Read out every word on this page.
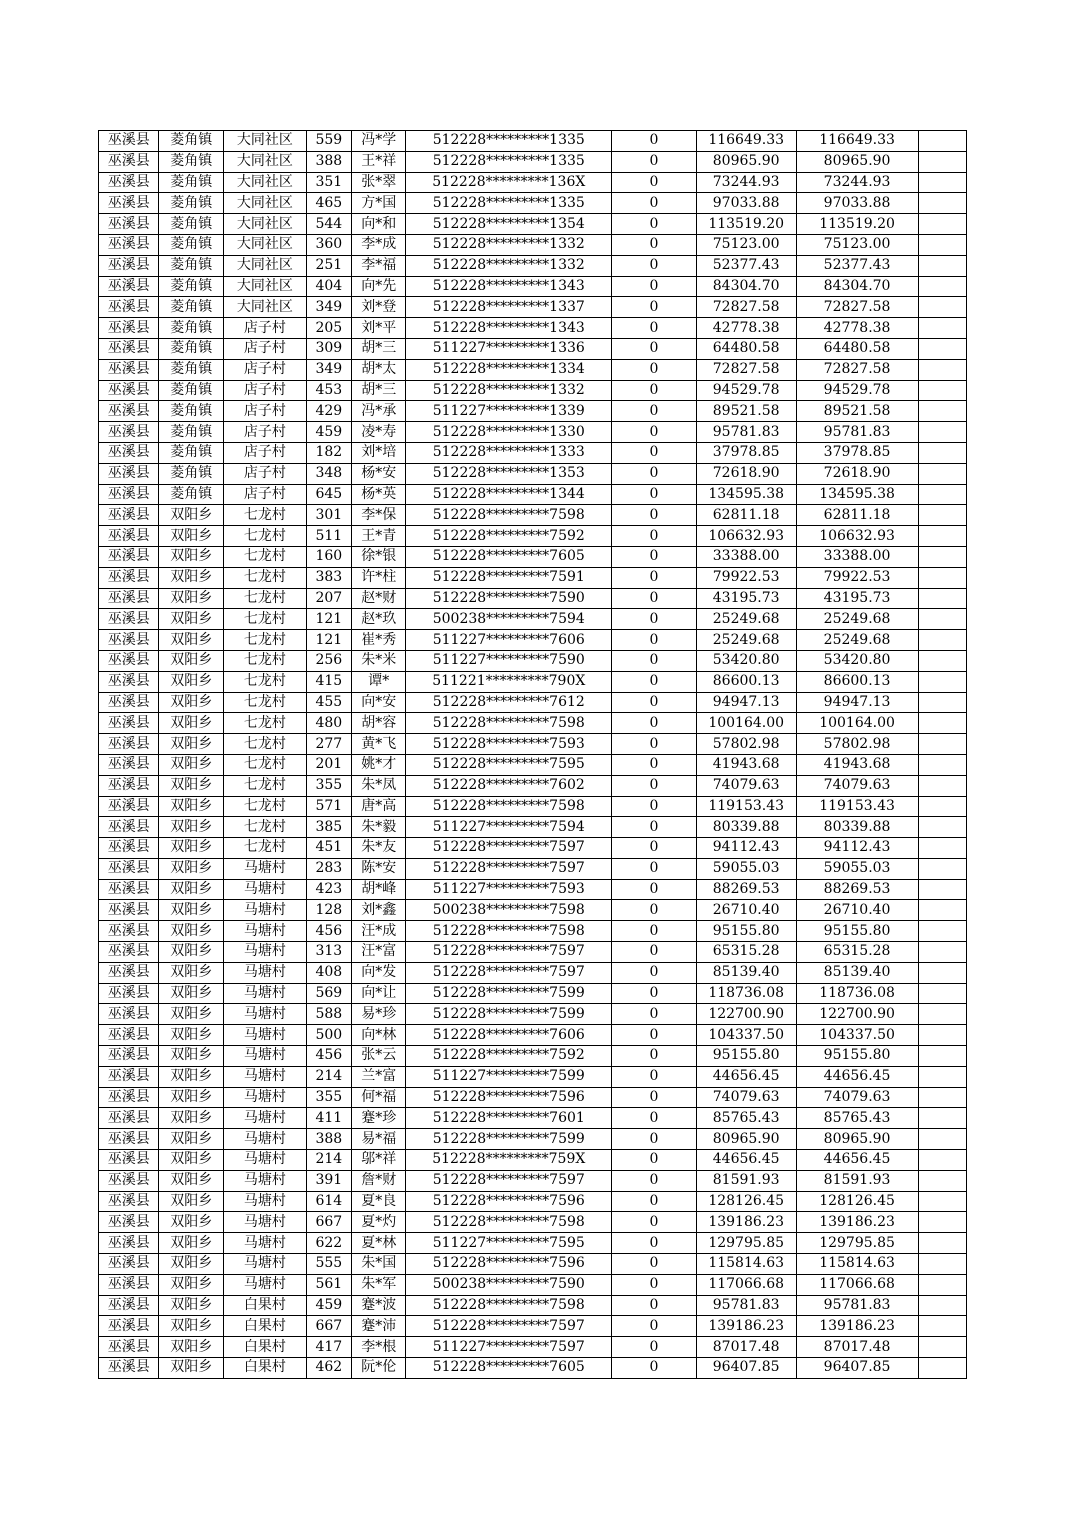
巫溪县	菱角镇	大同社区	559	冯*学	512228*********1335	0	116649.33	116649.33	
巫溪县	菱角镇	大同社区	388	王*祥	512228*********1335	0	80965.90	80965.90	
巫溪县	菱角镇	大同社区	351	张*翠	512228*********136X	0	73244.93	73244.93	
巫溪县	菱角镇	大同社区	465	方*国	512228*********1335	0	97033.88	97033.88	
巫溪县	菱角镇	大同社区	544	向*和	512228*********1354	0	113519.20	113519.20	
巫溪县	菱角镇	大同社区	360	李*成	512228*********1332	0	75123.00	75123.00	
巫溪县	菱角镇	大同社区	251	李*福	512228*********1332	0	52377.43	52377.43	
巫溪县	菱角镇	大同社区	404	向*先	512228*********1343	0	84304.70	84304.70	
巫溪县	菱角镇	大同社区	349	刘*登	512228*********1337	0	72827.58	72827.58	
巫溪县	菱角镇	店子村	205	刘*平	512228*********1343	0	42778.38	42778.38	
巫溪县	菱角镇	店子村	309	胡*三	511227*********1336	0	64480.58	64480.58	
巫溪县	菱角镇	店子村	349	胡*太	512228*********1334	0	72827.58	72827.58	
巫溪县	菱角镇	店子村	453	胡*三	512228*********1332	0	94529.78	94529.78	
巫溪县	菱角镇	店子村	429	冯*承	511227*********1339	0	89521.58	89521.58	
巫溪县	菱角镇	店子村	459	凌*寿	512228*********1330	0	95781.83	95781.83	
巫溪县	菱角镇	店子村	182	刘*培	512228*********1333	0	37978.85	37978.85	
巫溪县	菱角镇	店子村	348	杨*安	512228*********1353	0	72618.90	72618.90	
巫溪县	菱角镇	店子村	645	杨*英	512228*********1344	0	134595.38	134595.38	
巫溪县	双阳乡	七龙村	301	李*保	512228*********7598	0	62811.18	62811.18	
巫溪县	双阳乡	七龙村	511	王*青	512228*********7592	0	106632.93	106632.93	
巫溪县	双阳乡	七龙村	160	徐*银	512228*********7605	0	33388.00	33388.00	
巫溪县	双阳乡	七龙村	383	许*柱	512228*********7591	0	79922.53	79922.53	
巫溪县	双阳乡	七龙村	207	赵*财	512228*********7590	0	43195.73	43195.73	
巫溪县	双阳乡	七龙村	121	赵*玖	500238*********7594	0	25249.68	25249.68	
巫溪县	双阳乡	七龙村	121	崔*秀	511227*********7606	0	25249.68	25249.68	
巫溪县	双阳乡	七龙村	256	朱*米	511227*********7590	0	53420.80	53420.80	
巫溪县	双阳乡	七龙村	415	谭*	511221*********790X	0	86600.13	86600.13	
巫溪县	双阳乡	七龙村	455	向*安	512228*********7612	0	94947.13	94947.13	
巫溪县	双阳乡	七龙村	480	胡*容	512228*********7598	0	100164.00	100164.00	
巫溪县	双阳乡	七龙村	277	黄*飞	512228*********7593	0	57802.98	57802.98	
巫溪县	双阳乡	七龙村	201	姚*才	512228*********7595	0	41943.68	41943.68	
巫溪县	双阳乡	七龙村	355	朱*凤	512228*********7602	0	74079.63	74079.63	
巫溪县	双阳乡	七龙村	571	唐*高	512228*********7598	0	119153.43	119153.43	
巫溪县	双阳乡	七龙村	385	朱*毅	511227*********7594	0	80339.88	80339.88	
巫溪县	双阳乡	七龙村	451	朱*友	512228*********7597	0	94112.43	94112.43	
巫溪县	双阳乡	马塘村	283	陈*安	512228*********7597	0	59055.03	59055.03	
巫溪县	双阳乡	马塘村	423	胡*峰	511227*********7593	0	88269.53	88269.53	
巫溪县	双阳乡	马塘村	128	刘*鑫	500238*********7598	0	26710.40	26710.40	
巫溪县	双阳乡	马塘村	456	汪*成	512228*********7598	0	95155.80	95155.80	
巫溪县	双阳乡	马塘村	313	汪*富	512228*********7597	0	65315.28	65315.28	
巫溪县	双阳乡	马塘村	408	向*发	512228*********7597	0	85139.40	85139.40	
巫溪县	双阳乡	马塘村	569	向*让	512228*********7599	0	118736.08	118736.08	
巫溪县	双阳乡	马塘村	588	易*珍	512228*********7599	0	122700.90	122700.90	
巫溪县	双阳乡	马塘村	500	向*林	512228*********7606	0	104337.50	104337.50	
巫溪县	双阳乡	马塘村	456	张*云	512228*********7592	0	95155.80	95155.80	
巫溪县	双阳乡	马塘村	214	兰*富	511227*********7599	0	44656.45	44656.45	
巫溪县	双阳乡	马塘村	355	何*福	512228*********7596	0	74079.63	74079.63	
巫溪县	双阳乡	马塘村	411	蹇*珍	512228*********7601	0	85765.43	85765.43	
巫溪县	双阳乡	马塘村	388	易*福	512228*********7599	0	80965.90	80965.90	
巫溪县	双阳乡	马塘村	214	邬*祥	512228*********759X	0	44656.45	44656.45	
巫溪县	双阳乡	马塘村	391	詹*财	512228*********7597	0	81591.93	81591.93	
巫溪县	双阳乡	马塘村	614	夏*良	512228*********7596	0	128126.45	128126.45	
巫溪县	双阳乡	马塘村	667	夏*灼	512228*********7598	0	139186.23	139186.23	
巫溪县	双阳乡	马塘村	622	夏*林	511227*********7595	0	129795.85	129795.85	
巫溪县	双阳乡	马塘村	555	朱*国	512228*********7596	0	115814.63	115814.63	
巫溪县	双阳乡	马塘村	561	朱*军	500238*********7590	0	117066.68	117066.68	
巫溪县	双阳乡	白果村	459	蹇*波	512228*********7598	0	95781.83	95781.83	
巫溪县	双阳乡	白果村	667	蹇*沛	512228*********7597	0	139186.23	139186.23	
巫溪县	双阳乡	白果村	417	李*根	511227*********7597	0	87017.48	87017.48	
巫溪县	双阳乡	白果村	462	阮*伦	512228*********7605	0	96407.85	96407.85	
